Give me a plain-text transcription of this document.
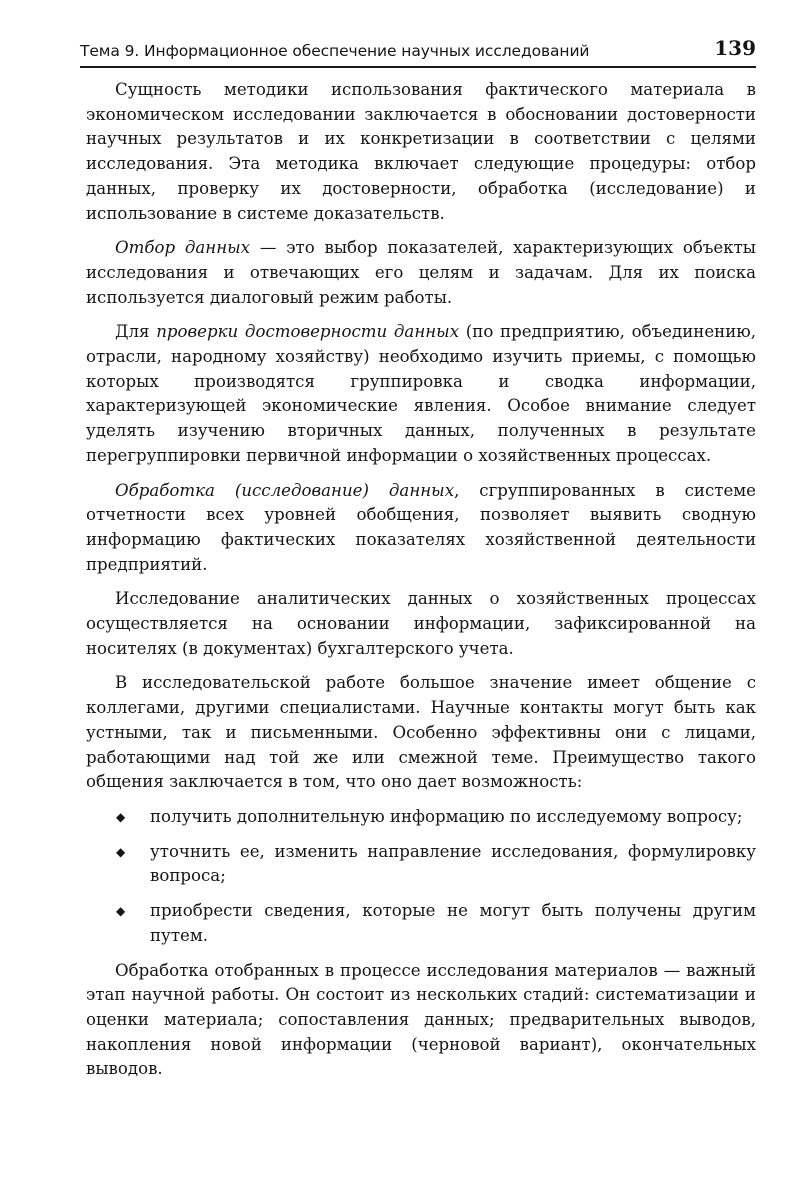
Тема 9. Информационное обеспечение научных исследований	139

Сущность методики использования фактического материала в экономическом исследовании заключается в обосновании достоверности научных результатов и их конкретизации в соответствии с целями исследования. Эта методика включает следующие процедуры: отбор данных, проверку их достоверности, обработка (исследование) и использование в системе доказательств.

Отбор данных — это выбор показателей, характеризующих объекты исследования и отвечающих его целям и задачам. Для их поиска используется диалоговый режим работы.

Для проверки достоверности данных (по предприятию, объединению, отрасли, народному хозяйству) необходимо изучить приемы, с помощью которых производятся группировка и сводка информации, характеризующей экономические явления. Особое внимание следует уделять изучению вторичных данных, полученных в результате перегруппировки первичной информации о хозяйственных процессах.

Обработка (исследование) данных, сгруппированных в системе отчетности всех уровней обобщения, позволяет выявить сводную информацию фактических показателях хозяйственной деятельности предприятий.

Исследование аналитических данных о хозяйственных процессах осуществляется на основании информации, зафиксированной на носителях (в документах) бухгалтерского учета.

В исследовательской работе большое значение имеет общение с коллегами, другими специалистами. Научные контакты могут быть как устными, так и письменными. Особенно эффективны они с лицами, работающими над той же или смежной теме. Преимущество такого общения заключается в том, что оно дает возможность:

◆ получить дополнительную информацию по исследуемому вопросу;
◆ уточнить ее, изменить направление исследования, формулировку вопроса;
◆ приобрести сведения, которые не могут быть получены другим путем.

Обработка отобранных в процессе исследования материалов — важный этап научной работы. Он состоит из нескольких стадий: систематизации и оценки материала; сопоставления данных; предварительных выводов, накопления новой информации (черновой вариант), окончательных выводов.
